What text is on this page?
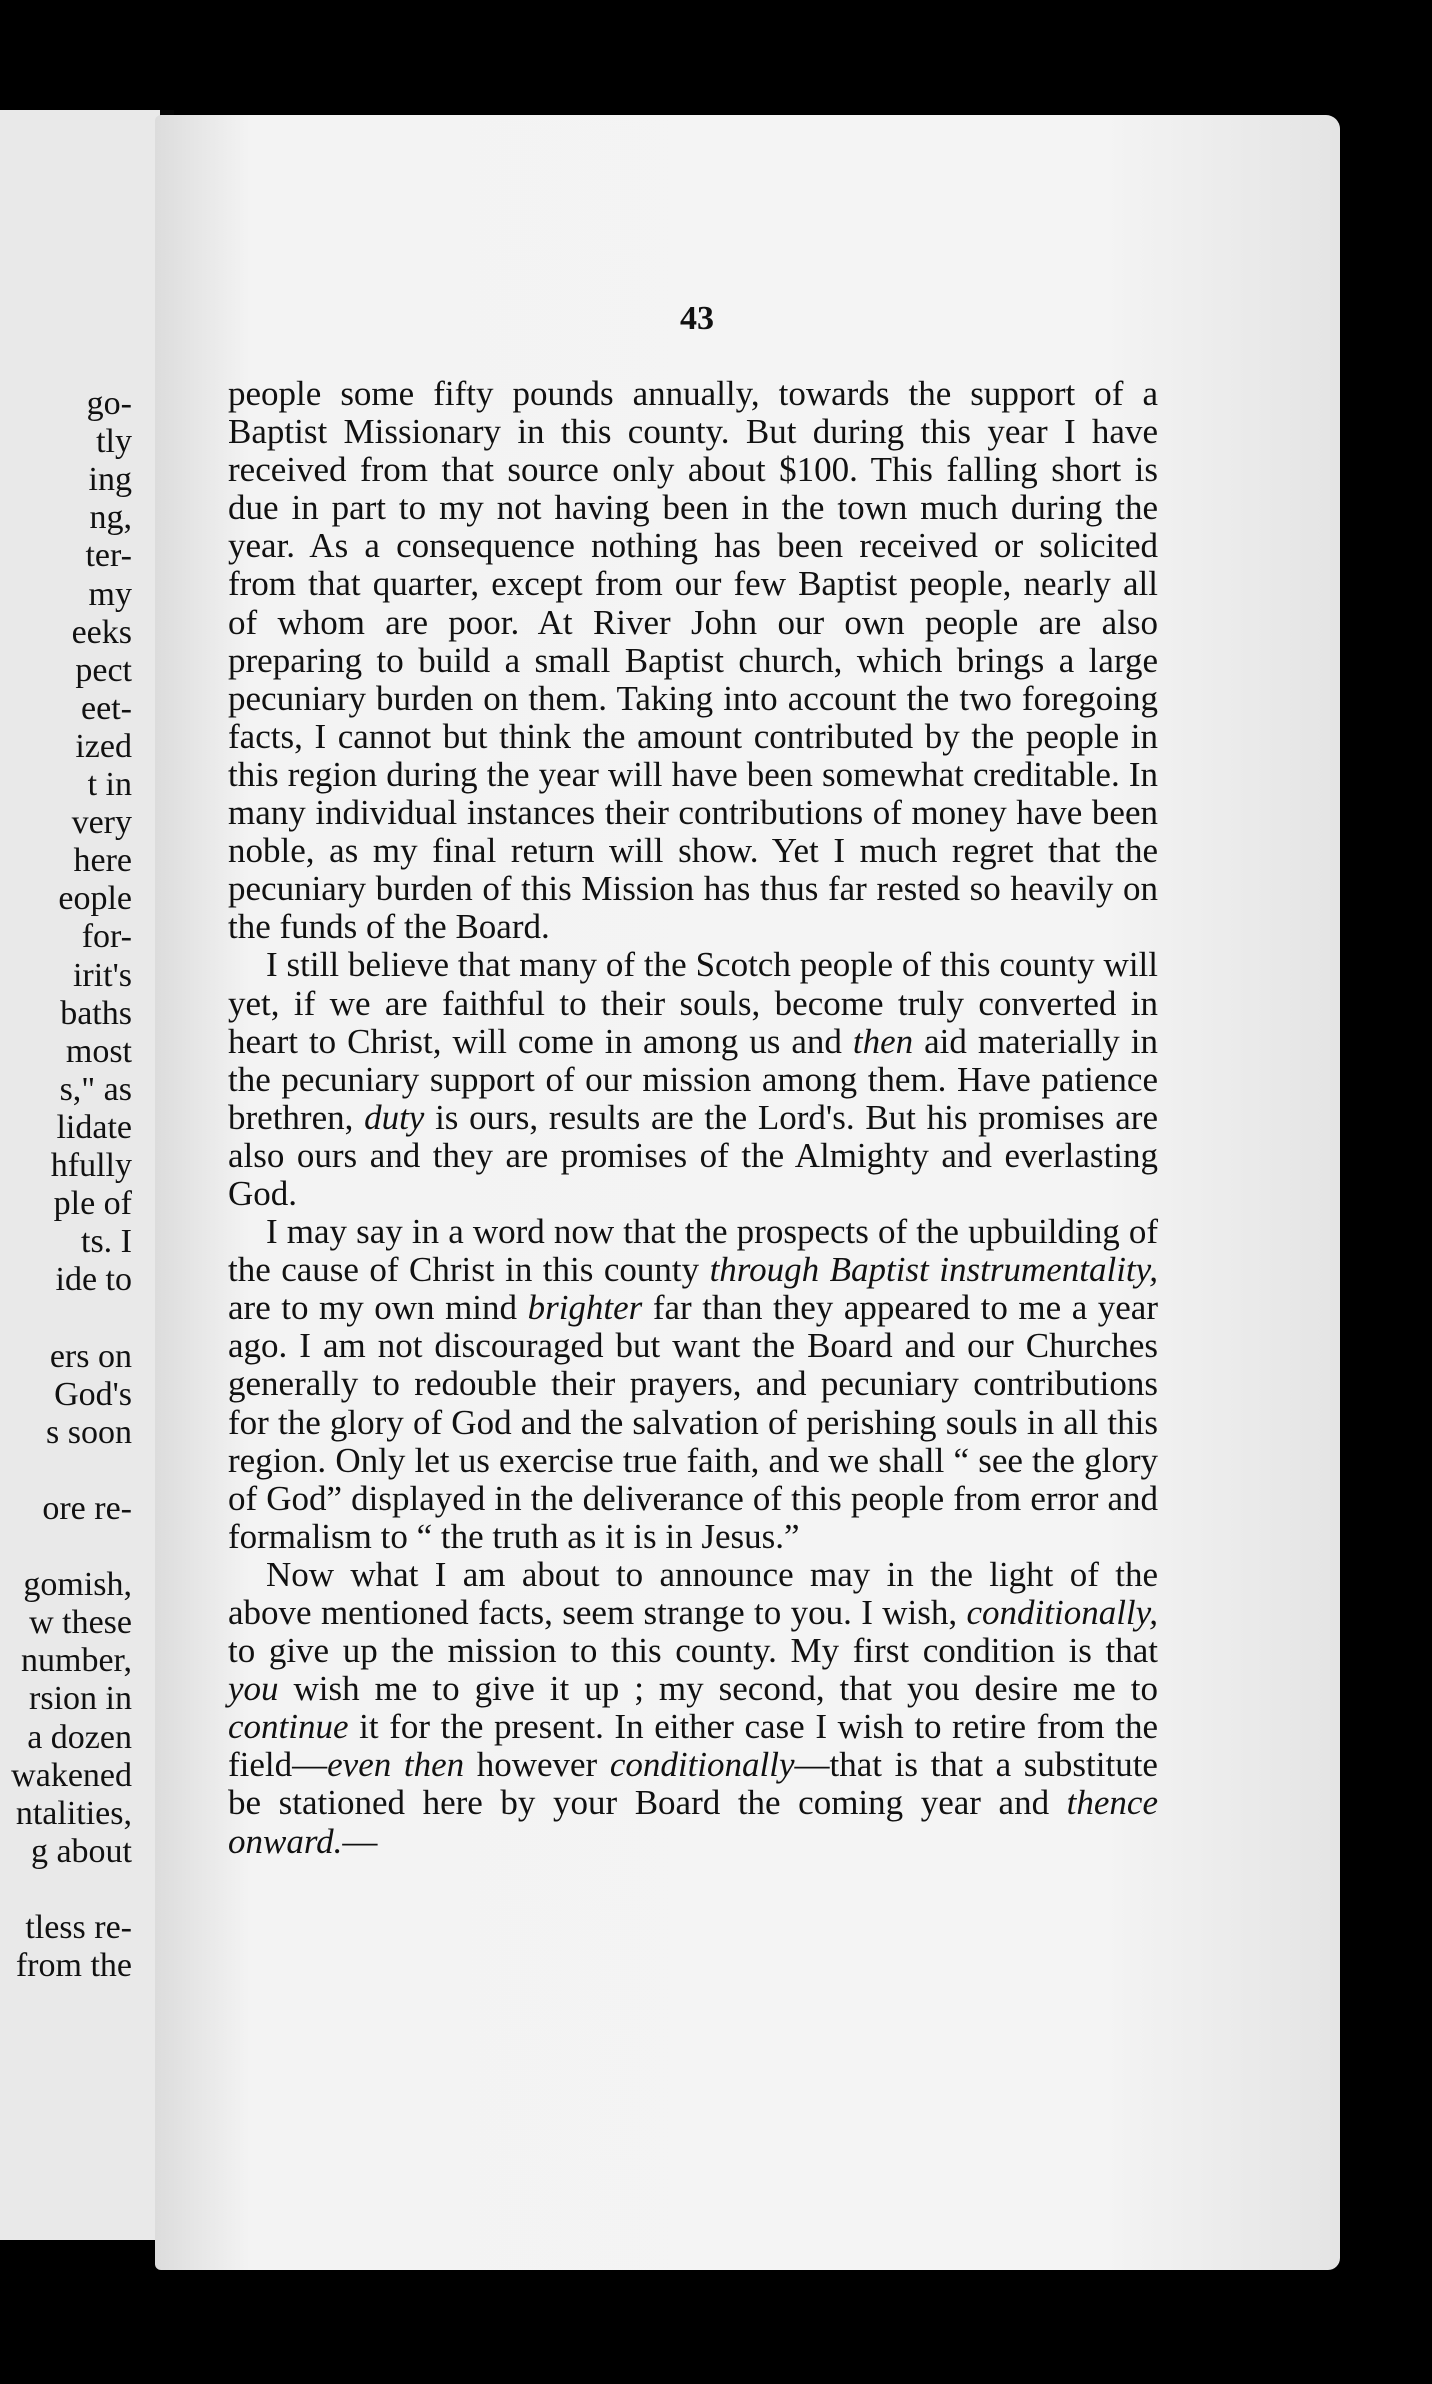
go-
tly
ing
ng,
ter-
my
eeks
pect
eet-
ized
t in
very
here
eople
for-
irit's
baths
most
s," as
lidate
hfully
ple of
ts. I
ide to
ers on
God's
s soon
ore re-
gomish,
w these
number,
rsion in
a dozen
wakened
ntalities,
g about
tless re-
from the
43

people some fifty pounds annually, towards the support of a Baptist Missionary in this county. But during this year I have received from that source only about $100. This falling short is due in part to my not having been in the town much during the year. As a consequence nothing has been received or solicited from that quarter, except from our few Baptist people, nearly all of whom are poor. At River John our own people are also preparing to build a small Baptist church, which brings a large pecuniary burden on them. Taking into account the two foregoing facts, I cannot but think the amount contributed by the people in this region during the year will have been somewhat creditable. In many individual instances their contributions of money have been noble, as my final return will show. Yet I much regret that the pecuniary burden of this Mission has thus far rested so heavily on the funds of the Board.

I still believe that many of the Scotch people of this county will yet, if we are faithful to their souls, become truly converted in heart to Christ, will come in among us and then aid materially in the pecuniary support of our mission among them. Have patience brethren, duty is ours, results are the Lord's. But his promises are also ours and they are promises of the Almighty and everlasting God.

I may say in a word now that the prospects of the upbuilding of the cause of Christ in this county through Baptist instrumentality, are to my own mind brighter far than they appeared to me a year ago. I am not discouraged but want the Board and our Churches generally to redouble their prayers, and pecuniary contributions for the glory of God and the salvation of perishing souls in all this region. Only let us exercise true faith, and we shall “ see the glory of God” displayed in the deliverance of this people from error and formalism to “ the truth as it is in Jesus.”

Now what I am about to announce may in the light of the above mentioned facts, seem strange to you. I wish, conditionally, to give up the mission to this county. My first condition is that you wish me to give it up ; my second, that you desire me to continue it for the present. In either case I wish to retire from the field—even then however conditionally—that is that a substitute be stationed here by your Board the coming year and thence onward.—
